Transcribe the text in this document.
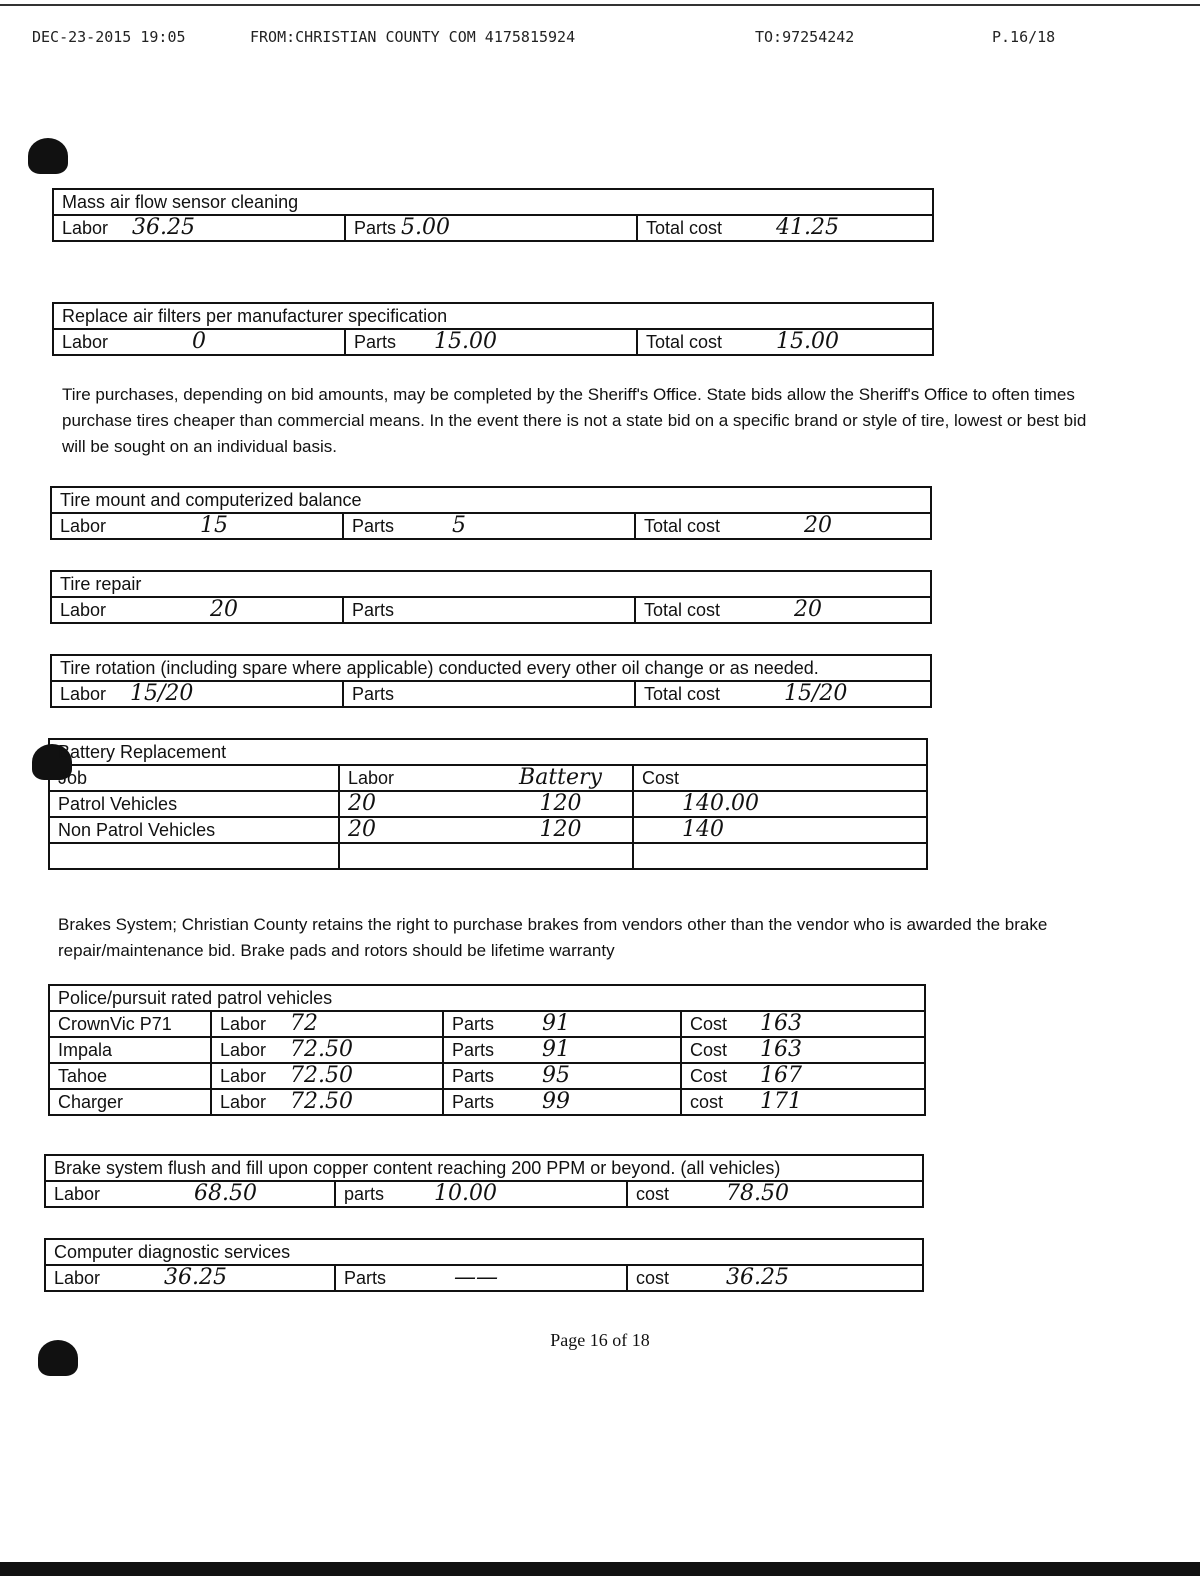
DEC-23-2015 19:05	FROM:CHRISTIAN COUNTY COM 4175815924	TO:97254242	P.16/18
Mass air flow sensor cleaning
Labor 36.25	Parts 5.00	Total cost 41.25
Replace air filters per manufacturer specification
Labor	0	Parts 15.00	Total cost 15.00
Tire purchases, depending on bid amounts, may be completed by the Sheriff's Office. State bids allow the Sheriff's Office to often times purchase tires cheaper than commercial means. In the event there is not a state bid on a specific brand or style of tire, lowest or best bid will be sought on an individual basis.
Tire mount and computerized balance
Labor	15	Parts	5	Total cost	20
Tire repair
Labor	20	Parts	Total cost	20
Tire rotation (including spare where applicable) conducted every other oil change or as needed.
Labor 15/20	Parts	Total cost	15/20
Battery Replacement			
Job	Labor	Battery	Cost
Patrol Vehicles	20	120	140.00
Non Patrol Vehicles	20	120	140

Brakes System; Christian County retains the right to purchase brakes from vendors other than the vendor who is awarded the brake repair/maintenance bid. Brake pads and rotors should be lifetime warranty
Police/pursuit rated patrol vehicles			
CrownVic P71	Labor 72	Parts 91	Cost 163
Impala	Labor 72.50	Parts 91	Cost 163
Tahoe	Labor 72.50	Parts 95	Cost 167
Charger	Labor 72.50	Parts 99	cost 171
Brake system flush and fill upon copper content reaching 200 PPM or beyond. (all vehicles)
Labor	68.50	parts 10.00	cost	78.50
Computer diagnostic services
Labor	36.25	Parts	——	cost	36.25
Page 16 of 18
